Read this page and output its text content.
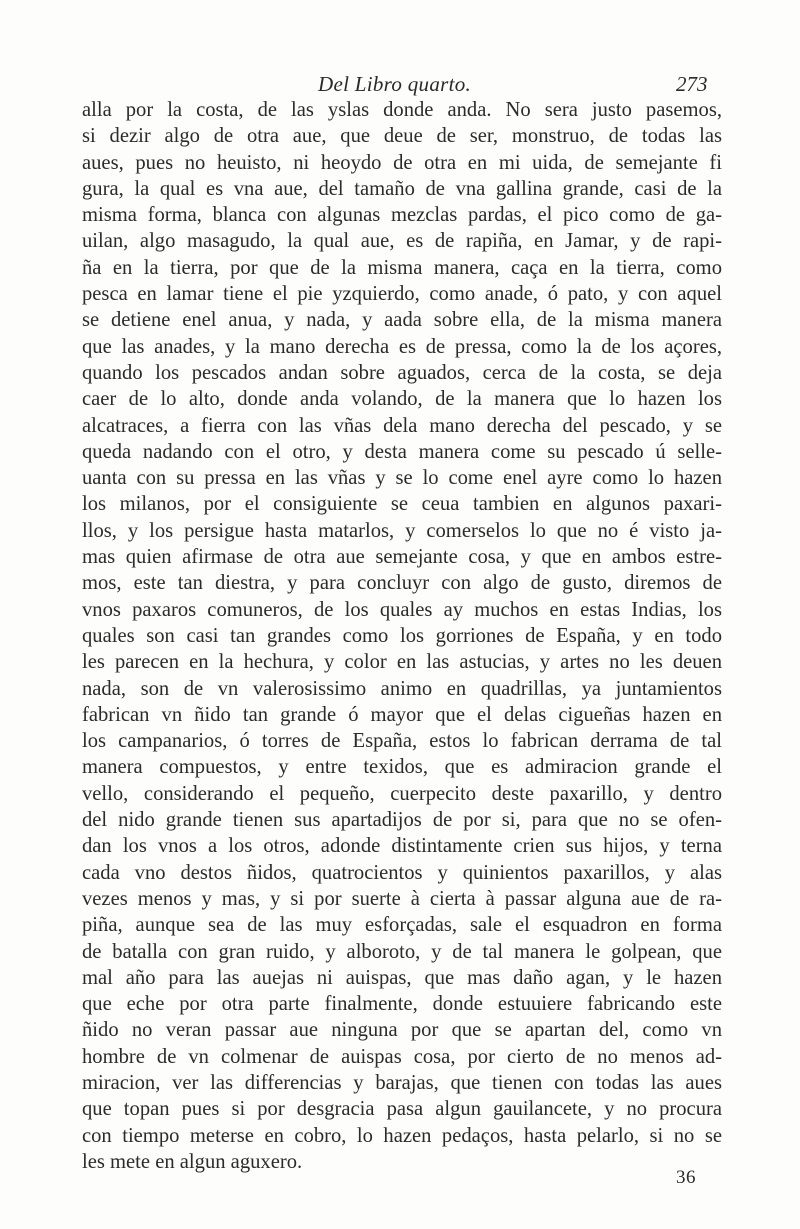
Del Libro quarto.	273
alla por la costa, de las yslas donde anda. No sera justo pasemos,
si dezir algo de otra aue, que deue de ser, monstruo, de todas las
aues, pues no heuisto, ni heoydo de otra en mi uida, de semejante fi
gura, la qual es vna aue, del tamaño de vna gallina grande, casi de la
misma forma, blanca con algunas mezclas pardas, el pico como de ga-
uilan, algo masagudo, la qual aue, es de rapiña, en Jamar, y de rapi-
ña en la tierra, por que de la misma manera, caça en la tierra, como
pesca en lamar tiene el pie yzquierdo, como anade, ó pato, y con aquel
se detiene enel anua, y nada, y aada sobre ella, de la misma manera
que las anades, y la mano derecha es de pressa, como la de los açores,
quando los pescados andan sobre aguados, cerca de la costa, se deja
caer de lo alto, donde anda volando, de la manera que lo hazen los
alcatraces, a fierra con las vñas dela mano derecha del pescado, y se
queda nadando con el otro, y desta manera come su pescado ú selle-
uanta con su pressa en las vñas y se lo come enel ayre como lo hazen
los milanos, por el consiguiente se ceua tambien en algunos paxari-
llos, y los persigue hasta matarlos, y comerselos lo que no é visto ja-
mas quien afirmase de otra aue semejante cosa, y que en ambos estre-
mos, este tan diestra, y para concluyr con algo de gusto, diremos de
vnos paxaros comuneros, de los quales ay muchos en estas Indias, los
quales son casi tan grandes como los gorriones de España, y en todo
les parecen en la hechura, y color en las astucias, y artes no les deuen
nada, son de vn valerosissimo animo en quadrillas, ya juntamientos
fabrican vn ñido tan grande ó mayor que el delas cigueñas hazen en
los campanarios, ó torres de España, estos lo fabrican derrama de tal
manera compuestos, y entre texidos, que es admiracion grande el
vello, considerando el pequeño, cuerpecito deste paxarillo, y dentro
del nido grande tienen sus apartadijos de por si, para que no se ofen-
dan los vnos a los otros, adonde distintamente crien sus hijos, y terna
cada vno destos ñidos, quatrocientos y quinientos paxarillos, y alas
vezes menos y mas, y si por suerte à cierta à passar alguna aue de ra-
piña, aunque sea de las muy esforçadas, sale el esquadron en forma
de batalla con gran ruido, y alboroto, y de tal manera le golpean, que
mal año para las auejas ni auispas, que mas daño agan, y le hazen
que eche por otra parte finalmente, donde estuuiere fabricando este
ñido no veran passar aue ninguna por que se apartan del, como vn
hombre de vn colmenar de auispas cosa, por cierto de no menos ad-
miracion, ver las differencias y barajas, que tienen con todas las aues
que topan pues si por desgracia pasa algun gauilancete, y no procura
con tiempo meterse en cobro, lo hazen pedaços, hasta pelarlo, si no se
les mete en algun aguxero.
36
